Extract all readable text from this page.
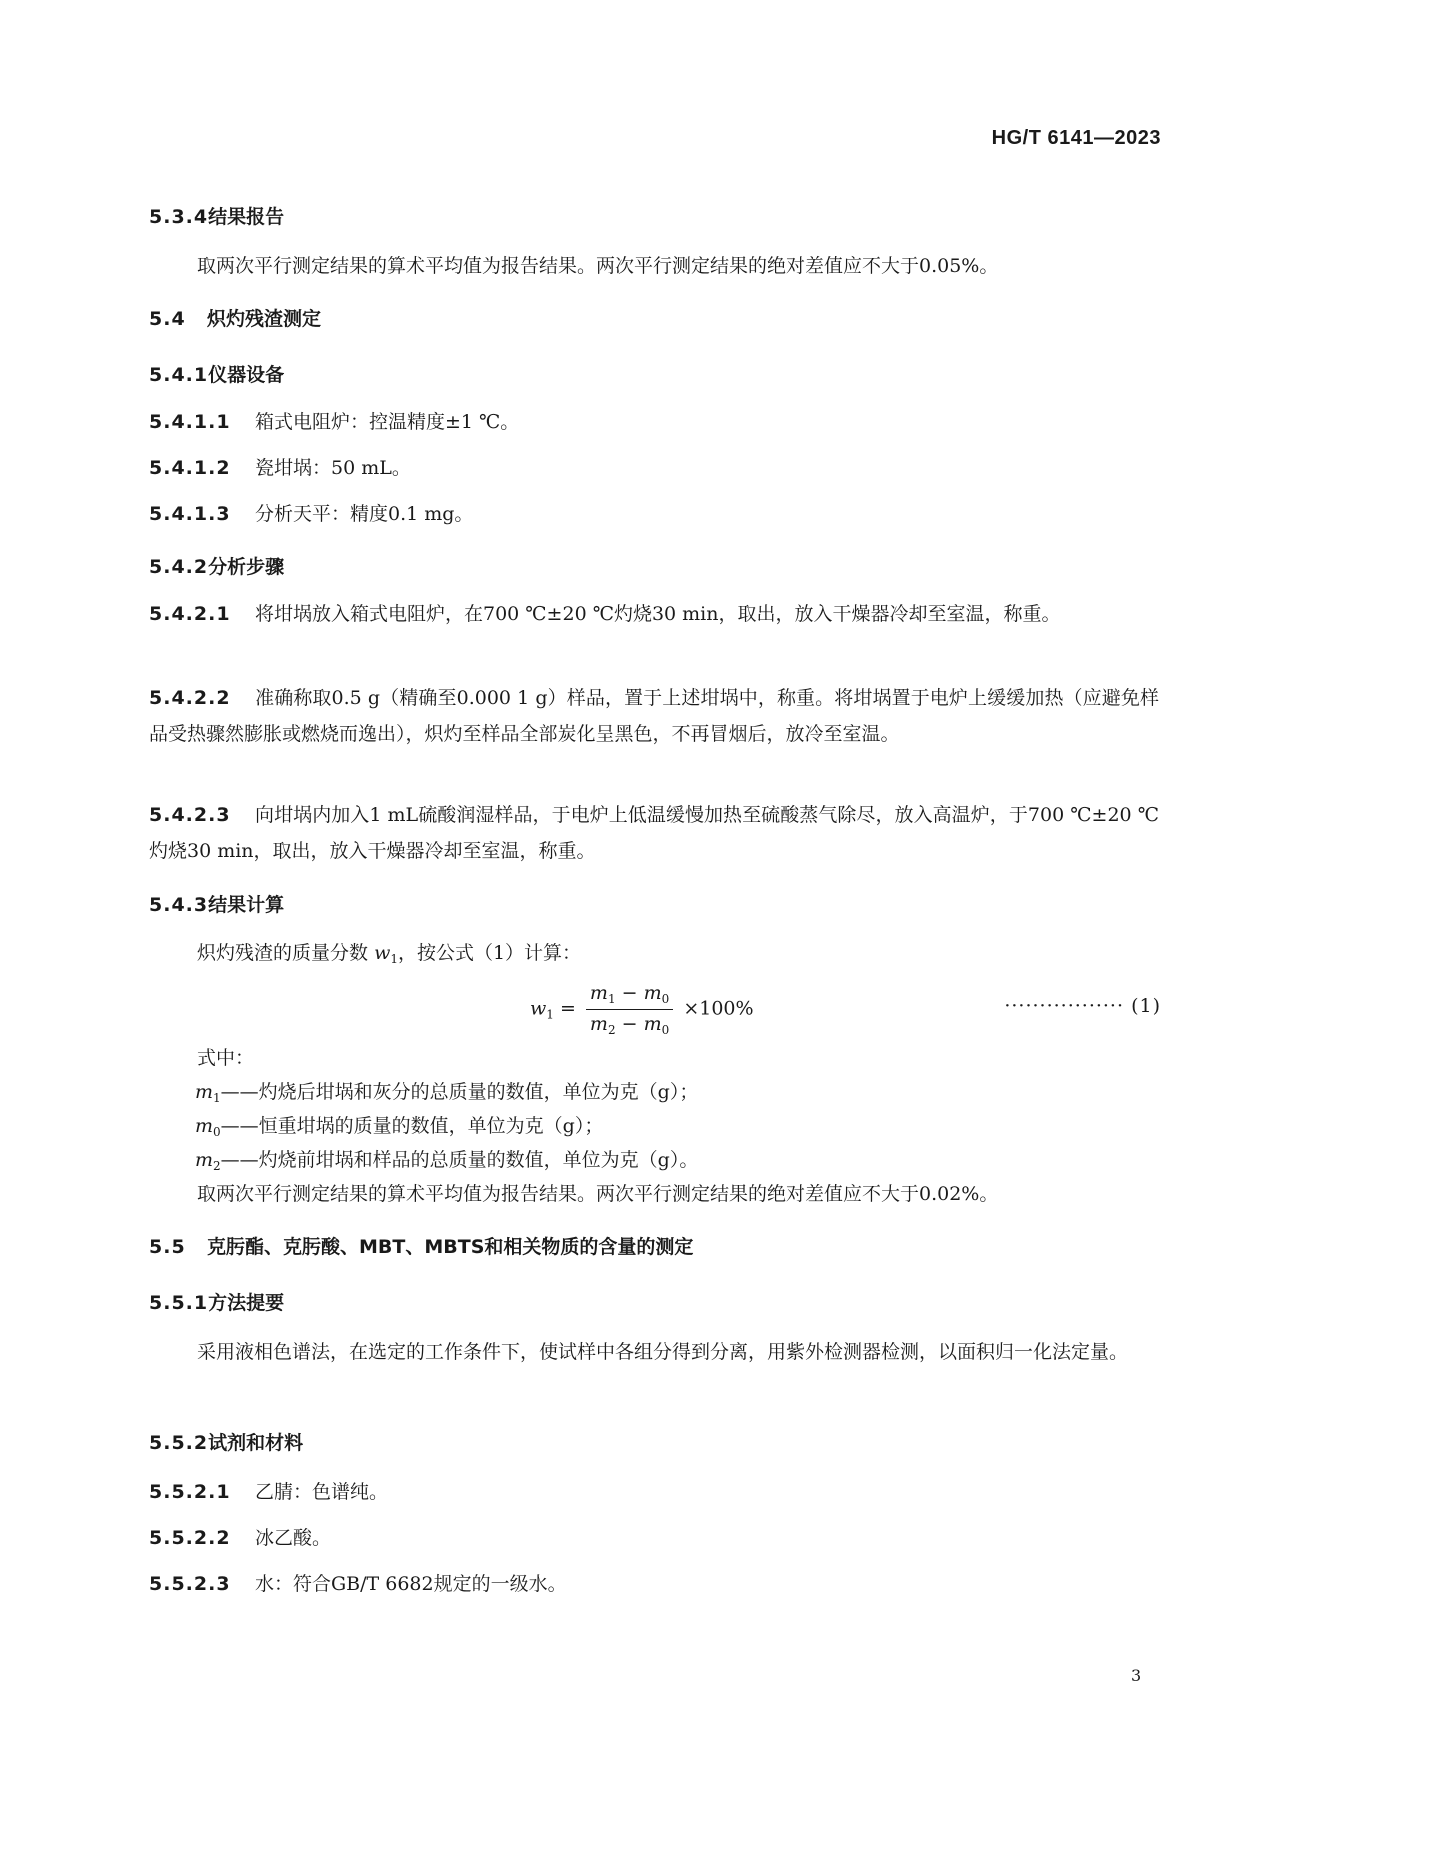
HG/T 6141—2023
5.3.4结果报告
取两次平行测定结果的算术平均值为报告结果。两次平行测定结果的绝对差值应不大于0.05%。
5.4 炽灼残渣测定
5.4.1仪器设备
5.4.1.1 箱式电阻炉：控温精度±1 ℃。
5.4.1.2 瓷坩埚：50 mL。
5.4.1.3 分析天平：精度0.1 mg。
5.4.2分析步骤
5.4.2.1 将坩埚放入箱式电阻炉，在700 ℃±20 ℃灼烧30 min，取出，放入干燥器冷却至室温，称重。
5.4.2.2 准确称取0.5 g（精确至0.000 1 g）样品，置于上述坩埚中，称重。将坩埚置于电炉上缓缓加热（应避免样品受热骤然膨胀或燃烧而逸出），炽灼至样品全部炭化呈黑色，不再冒烟后，放冷至室温。
5.4.2.3 向坩埚内加入1 mL硫酸润湿样品，于电炉上低温缓慢加热至硫酸蒸气除尽，放入高温炉，于700 ℃±20 ℃灼烧30 min，取出，放入干燥器冷却至室温，称重。
5.4.3结果计算
炽灼残渣的质量分数 $w_1$，按公式（1）计算：
$w_1 = \frac{m_1 - m_0}{m_2 - m_0} \times 100\%$	················· (1)
式中：
$m_1——$灼烧后坩埚和灰分的总质量的数值，单位为克（g）；
$m_0——$恒重坩埚的质量的数值，单位为克（g）；
$m_2——$灼烧前坩埚和样品的总质量的数值，单位为克（g）。
取两次平行测定结果的算术平均值为报告结果。两次平行测定结果的绝对差值应不大于0.02%。
5.5 克肟酯、克肟酸、MBT、MBTS和相关物质的含量的测定
5.5.1方法提要
采用液相色谱法，在选定的工作条件下，使试样中各组分得到分离，用紫外检测器检测，以面积归一化法定量。
5.5.2试剂和材料
5.5.2.1 乙腈：色谱纯。
5.5.2.2 冰乙酸。
5.5.2.3 水：符合GB/T 6682规定的一级水。
3
